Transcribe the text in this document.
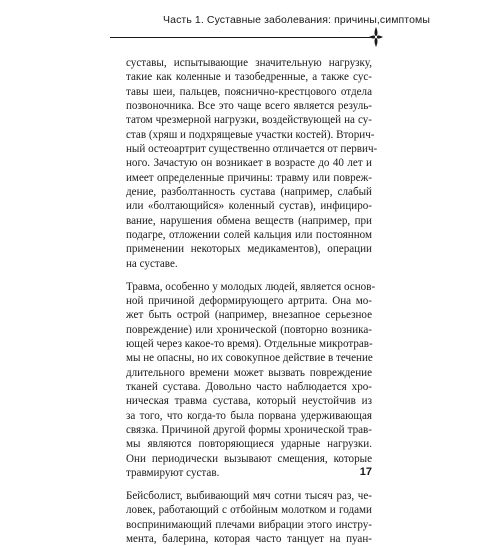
Часть 1. Суставные заболевания: причины,симптомы
суставы, испытывающие значительную нагрузку,
такие как коленные и тазобедренные, а также сус-
тавы шеи, пальцев, пояснично-крестцового отдела
позвоночника. Все это чаще всего является резуль-
татом чрезмерной нагрузки, воздействующей на су-
став (хряш и подхрящевые участки костей). Вторич-
ный остеоартрит существенно отличается от первич-
ного. Зачастую он возникает в возрасте до 40 лет и
имеет определенные причины: травму или повреж-
дение, разболтанность сустава (например, слабый
или «болтающийся» коленный сустав), инфициро-
вание, нарушения обмена веществ (например, при
подагре, отложении солей кальция или постоянном
применении некоторых медикаментов), операции
на суставе.
Травма, особенно у молодых людей, является основ-
ной причиной деформирующего артрита. Она мо-
жет быть острой (например, внезапное серьезное
повреждение) или хронической (повторно возника-
ющей через какое-то время). Отдельные микротрав-
мы не опасны, но их совокупное действие в течение
длительного времени может вызвать повреждение
тканей сустава. Довольно часто наблюдается хро-
ническая травма сустава, который неустойчив из
за того, что когда-то была порвана удерживающая
связка. Причиной другой формы хронической трав-
мы являются повторяющиеся ударные нагрузки.
Они периодически вызывают смещения, которые
травмируют сустав.
Бейсболист, выбивающий мяч сотни тысяч раз, че-
ловек, работающий с отбойным молотком и годами
воспринимающий плечами вибрации этого инстру-
мента, балерина, которая часто танцует на пуан-
17
